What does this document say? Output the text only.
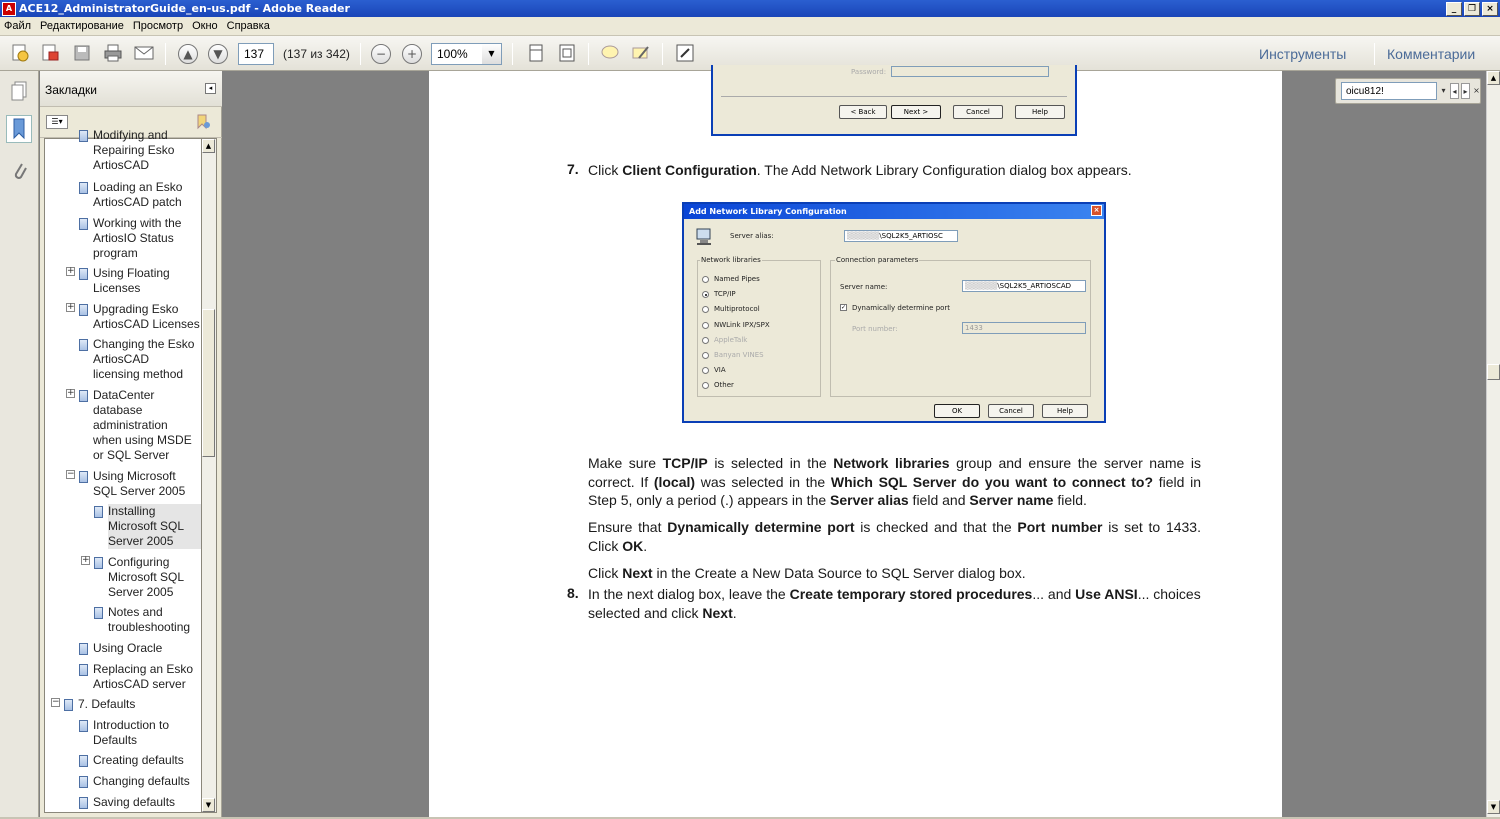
A ACE12_AdministratorGuide_en-us.pdf - Adobe Reader	_	❐	×
Файл Редактирование Просмотр Окно Справка
▲	▼
137	(137 из 342)	−	+
100%	▼	Инструменты	Комментарии
Закладки	◂
☰▾
Modifying and
Repairing Esko
ArtiosCAD
Loading an Esko
ArtiosCAD patch
Working with the
ArtiosIO Status
program
+ Using Floating
Licenses
+ Upgrading Esko
ArtiosCAD Licenses
Changing the Esko
ArtiosCAD
licensing method
+ DataCenter
database
administration
when using MSDE
or SQL Server
− Using Microsoft
SQL Server 2005
Installing
Microsoft SQL
Server 2005
+ Configuring
Microsoft SQL
Server 2005
Notes and
troubleshooting
Using Oracle
Replacing an Esko
ArtiosCAD server
− 7. Defaults
Introduction to
Defaults
Creating defaults
Changing defaults
Saving defaults
▲
▼
Password:
< Back	Next >	Cancel	Help
7. Click Client Configuration. The Add Network Library Configuration dialog box appears.
Add Network Library Configuration	×
Server alias:	▒▒▒▒▒▒\SQL2K5_ARTIOSC
Network libraries
Named Pipes
TCP/IP
Multiprotocol
NWLink IPX/SPX
AppleTalk
Banyan VINES
VIA
Other
Connection parameters
Server name:	▒▒▒▒▒▒\SQL2K5_ARTIOSCAD
✓ Dynamically determine port
Port number:	1433
OK	Cancel	Help
Make sure TCP/IP is selected in the Network libraries group and ensure the server name is correct. If (local) was selected in the Which SQL Server do you want to connect to? field in Step 5, only a period (.) appears in the Server alias field and Server name field.
Ensure that Dynamically determine port is checked and that the Port number is set to 1433. Click OK.
Click Next in the Create a New Data Source to SQL Server dialog box.
8. In the next dialog box, leave the Create temporary stored procedures... and Use ANSI... choices selected and click Next.
▲
▼
oicu812!
▾ ◂ ▸ ×
